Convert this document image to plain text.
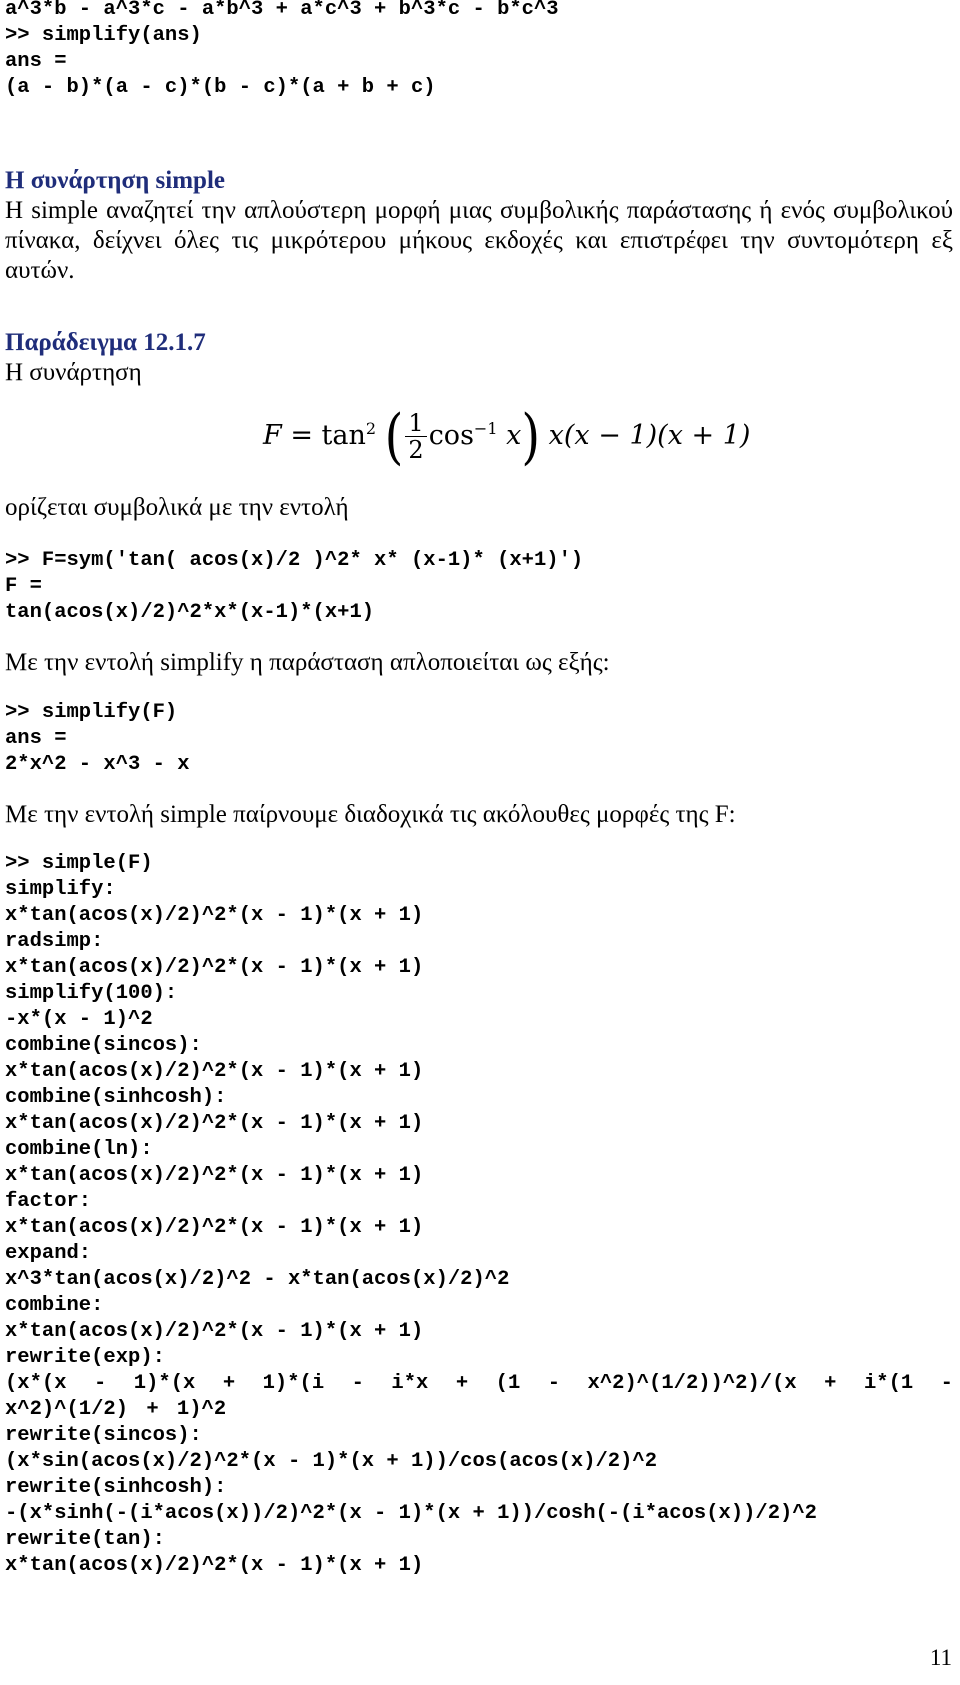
a^3*b - a^3*c - a*b^3 + a*c^3 + b^3*c - b*c^3
>> simplify(ans)
ans =
(a - b)*(a - c)*(b - c)*(a + b + c)

Η συνάρτηση simple

H simple αναζητεί την απλούστερη μορφή μιας συμβολικής παράστασης ή ενός συμβολικού πίνακα, δείχνει όλες τις μικρότερου μήκους εκδοχές και επιστρέφει την συντομότερη εξ αυτών.

Παράδειγμα 12.1.7

Η συνάρτηση

$F = \tan^2$ ( $\frac{1}{2} \cos^{-1} x$) x(x − 1)(x + 1)

ορίζεται συμβολικά με την εντολή

>> F=sym('tan( acos(x)/2 )^2* x* (x-1)* (x+1)')
F =
tan(acos(x)/2)^2*x*(x-1)*(x+1)

Με την εντολή simplify η παράσταση απλοποιείται ως εξής:

>> simplify(F)
ans =
2*x^2 - x^3 - x

Με την εντολή simple παίρνουμε διαδοχικά τις ακόλουθες μορφές της F:

>> simple(F)
simplify:
x*tan(acos(x)/2)^2*(x - 1)*(x + 1)
radsimp:
x*tan(acos(x)/2)^2*(x - 1)*(x + 1)
simplify(100):
-x*(x - 1)^2
combine(sincos):
x*tan(acos(x)/2)^2*(x - 1)*(x + 1)
combine(sinhcosh):
x*tan(acos(x)/2)^2*(x - 1)*(x + 1)
combine(ln):
x*tan(acos(x)/2)^2*(x - 1)*(x + 1)
factor:
x*tan(acos(x)/2)^2*(x - 1)*(x + 1)
expand:
x^3*tan(acos(x)/2)^2 - x*tan(acos(x)/2)^2
combine:
x*tan(acos(x)/2)^2*(x - 1)*(x + 1)
rewrite(exp):
(x*(x - 1)*(x + 1)*(i - i*x + (1 - x^2)^(1/2))^2)/(x + i*(1 - x^2)^(1/2) + 1)^2
rewrite(sincos):
(x*sin(acos(x)/2)^2*(x - 1)*(x + 1))/cos(acos(x)/2)^2
rewrite(sinhcosh):
-(x*sinh(-(i*acos(x))/2)^2*(x - 1)*(x + 1))/cosh(-(i*acos(x))/2)^2
rewrite(tan):
x*tan(acos(x)/2)^2*(x - 1)*(x + 1)
11
